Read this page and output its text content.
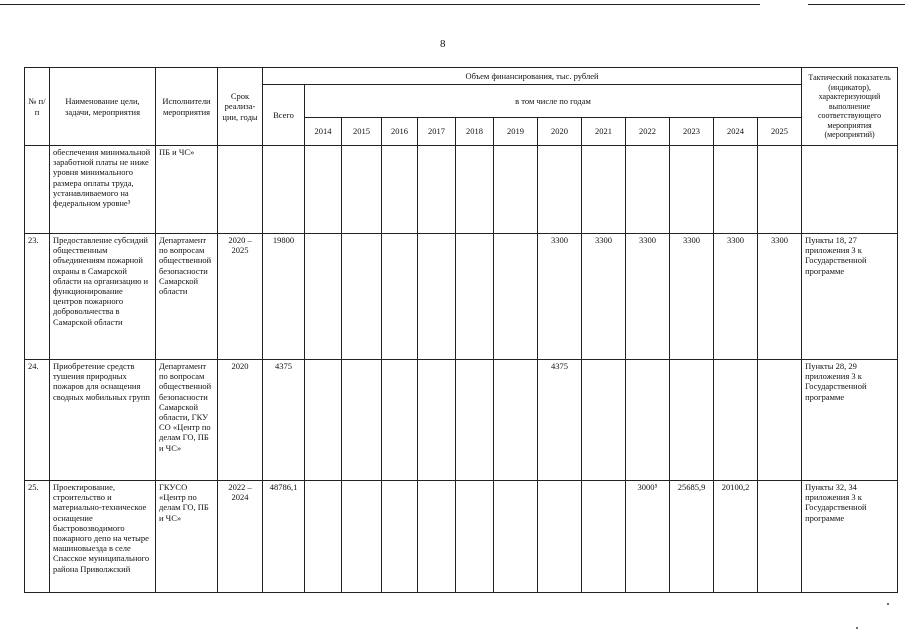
8
№ п/п	Наименование цели, задачи, мероприятия	Исполнители мероприятия	Срок реализа-ции, годы	Объем финансирования, тыс. рублей													Тактический показатель (индикатор), характеризующий выполнение соответствующего мероприятия (мероприятий)
				Всего	в том числе по годам												
					2014	2015	2016	2017	2018	2019	2020	2021	2022	2023	2024	2025	
	обеспечения минимальной заработной платы не ниже уровня минимального размера оплаты труда, устанавливаемого на федеральном уровне³	ПБ и ЧС»															
23.	Предоставление субсидий общественным объединениям пожарной охраны в Самарской области на организацию и функционирование центров пожарного добровольчества в Самарской области	Департамент по вопросам общественной безопасности Самарской области	2020 – 2025	19800							3300	3300	3300	3300	3300	3300	Пункты 18, 27 приложения 3 к Государственной программе
24.	Приобретение средств тушения природных пожаров для оснащения сводных мобильных групп	Департамент по вопросам общественной безопасности Самарской области, ГКУ СО «Центр по делам ГО, ПБ и ЧС»	2020	4375							4375						Пункты 28, 29 приложения 3 к Государственной программе
25.	Проектирование, строительство и материально-техническое оснащение быстровозводимого пожарного депо на четыре машиновыезда в селе Спасское муниципального района Приволжский	ГКУСО «Центр по делам ГО, ПБ и ЧС»	2022 – 2024	48786,1									3000⁵	25685,9	20100,2		Пункты 32, 34 приложения 3 к Государственной программе
